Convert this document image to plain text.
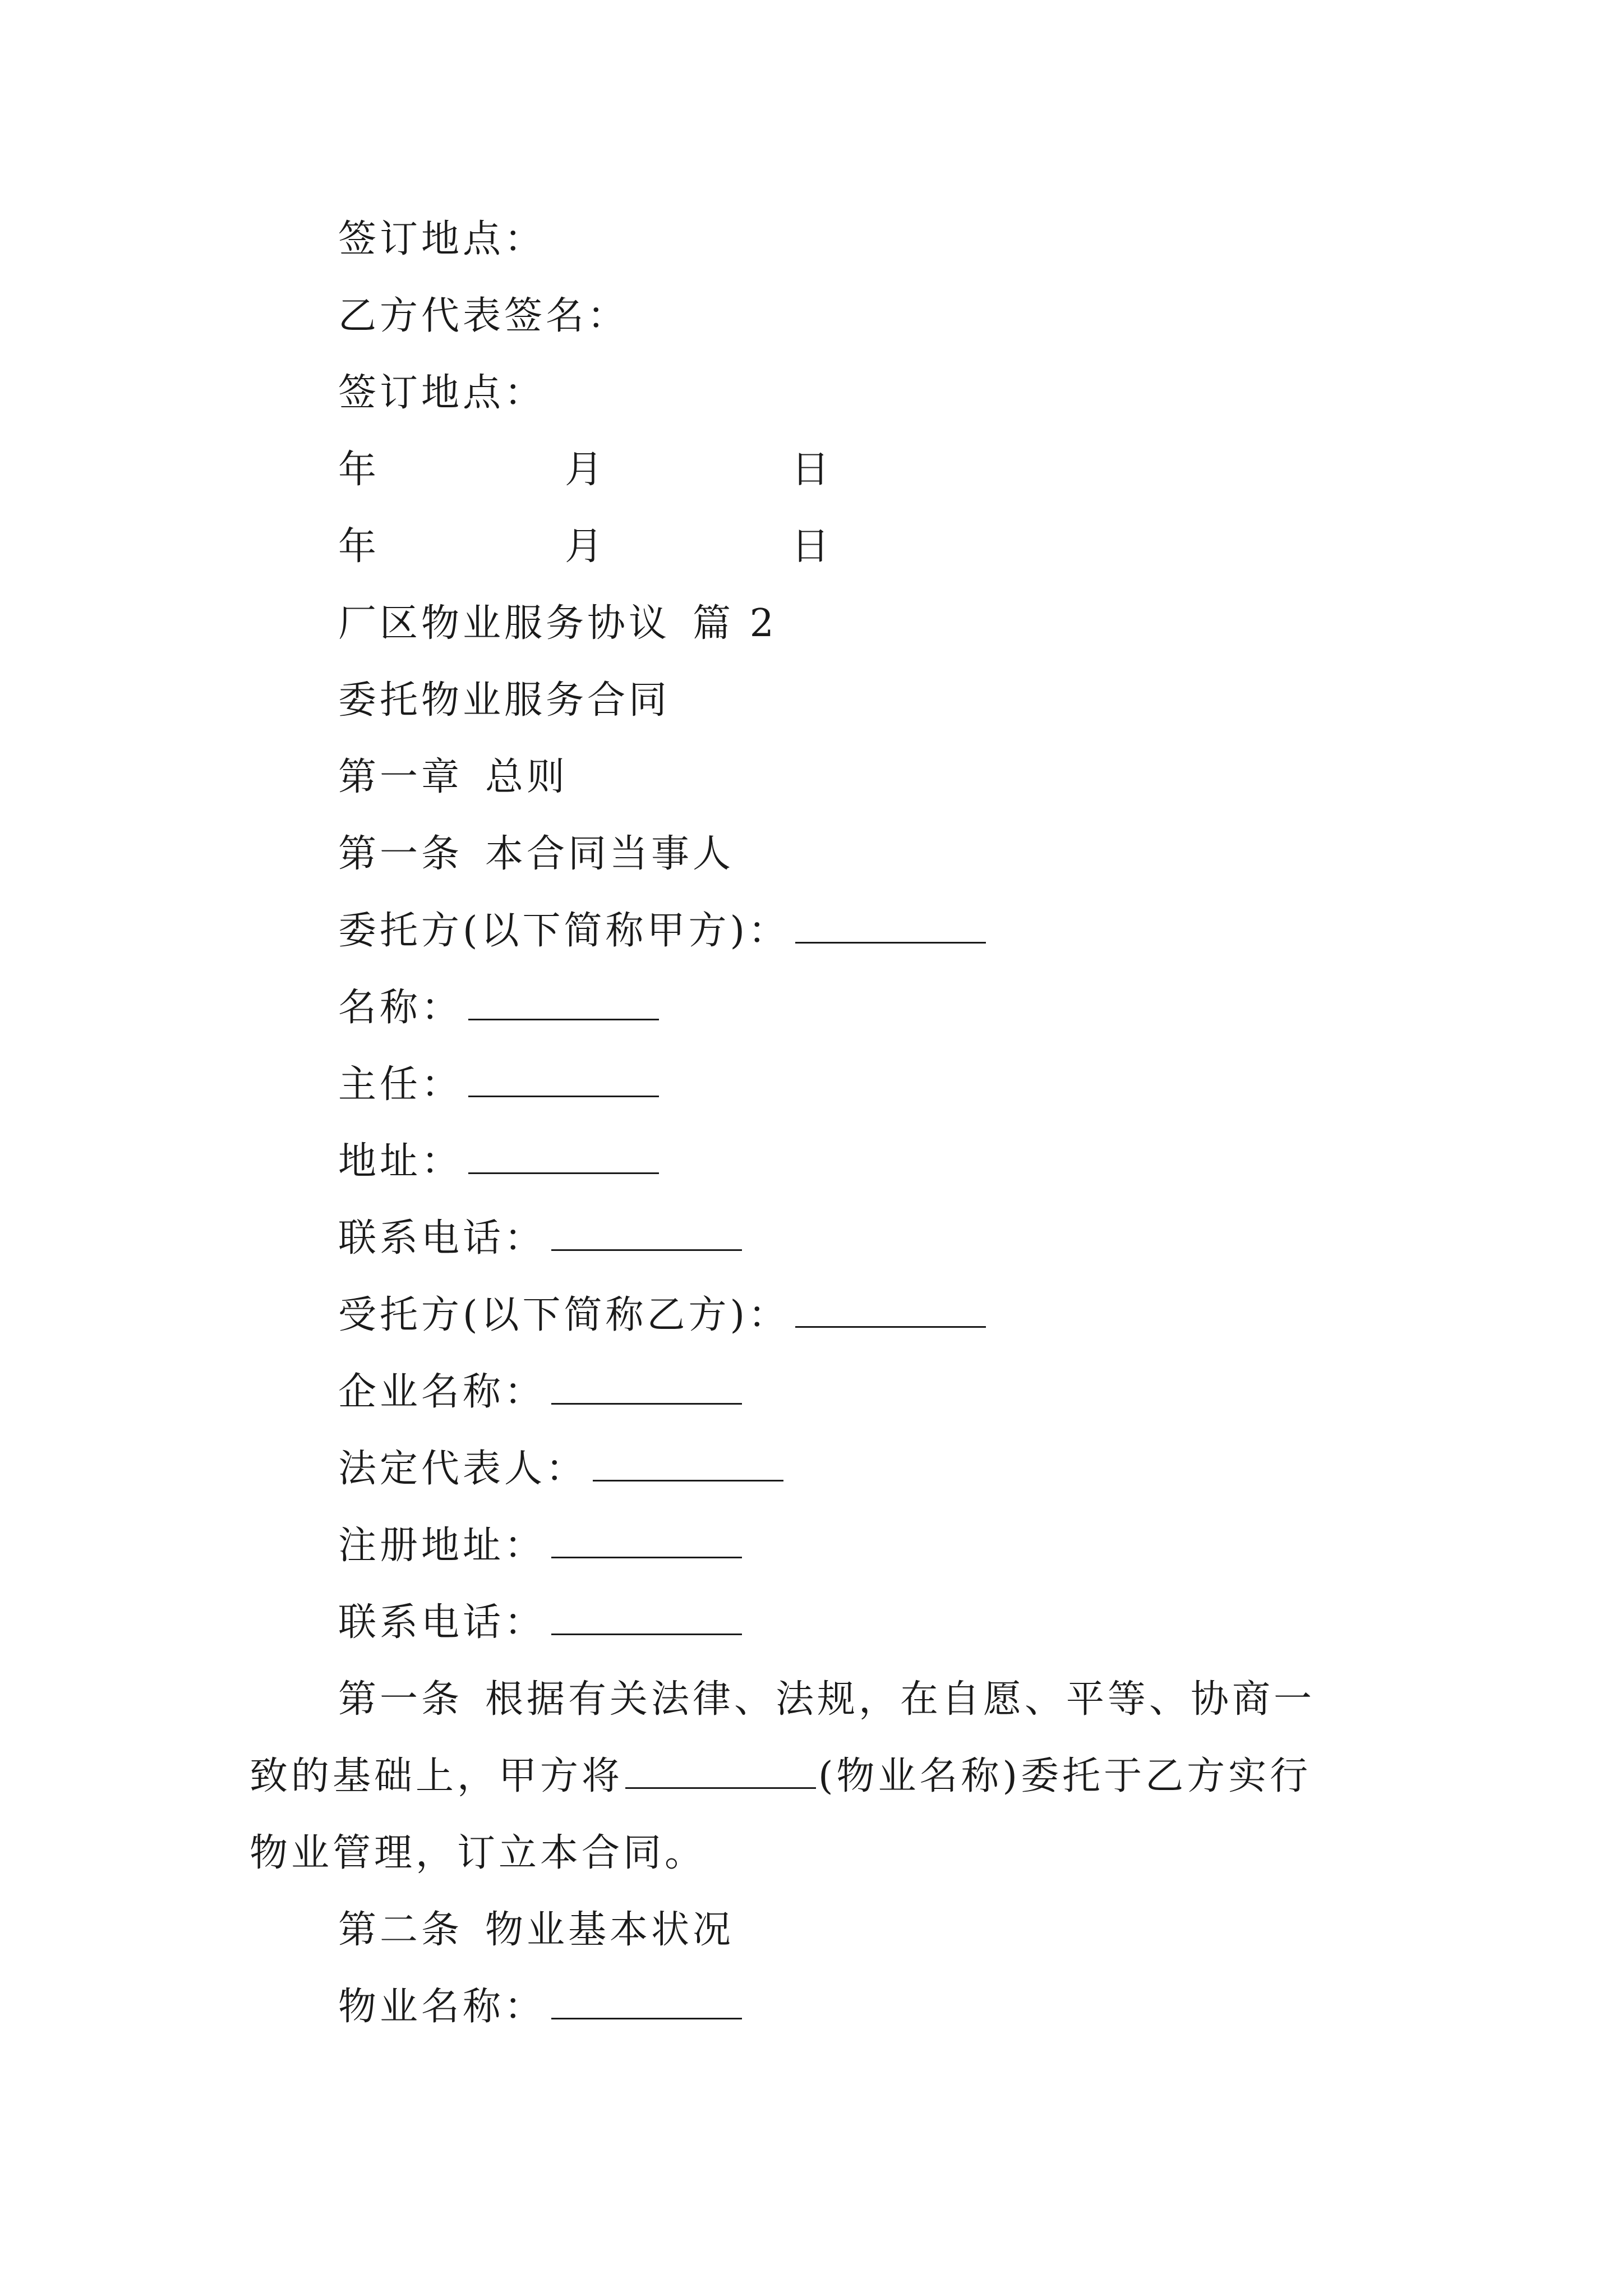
签订地点：
乙方代表签名：
签订地点：
年	月	日
年	月	日
厂区物业服务协议 篇 2
委托物业服务合同
第一章 总则
第一条 本合同当事人
委托方(以下简称甲方)：
名称：
主任：
地址：
联系电话：
受托方(以下简称乙方)：
企业名称：
法定代表人：
注册地址：
联系电话：
第一条 根据有关法律、法规，在自愿、平等、协商一
致的基础上，甲方将	(物业名称)委托于乙方实行
物业管理，订立本合同。
第二条 物业基本状况
物业名称：
